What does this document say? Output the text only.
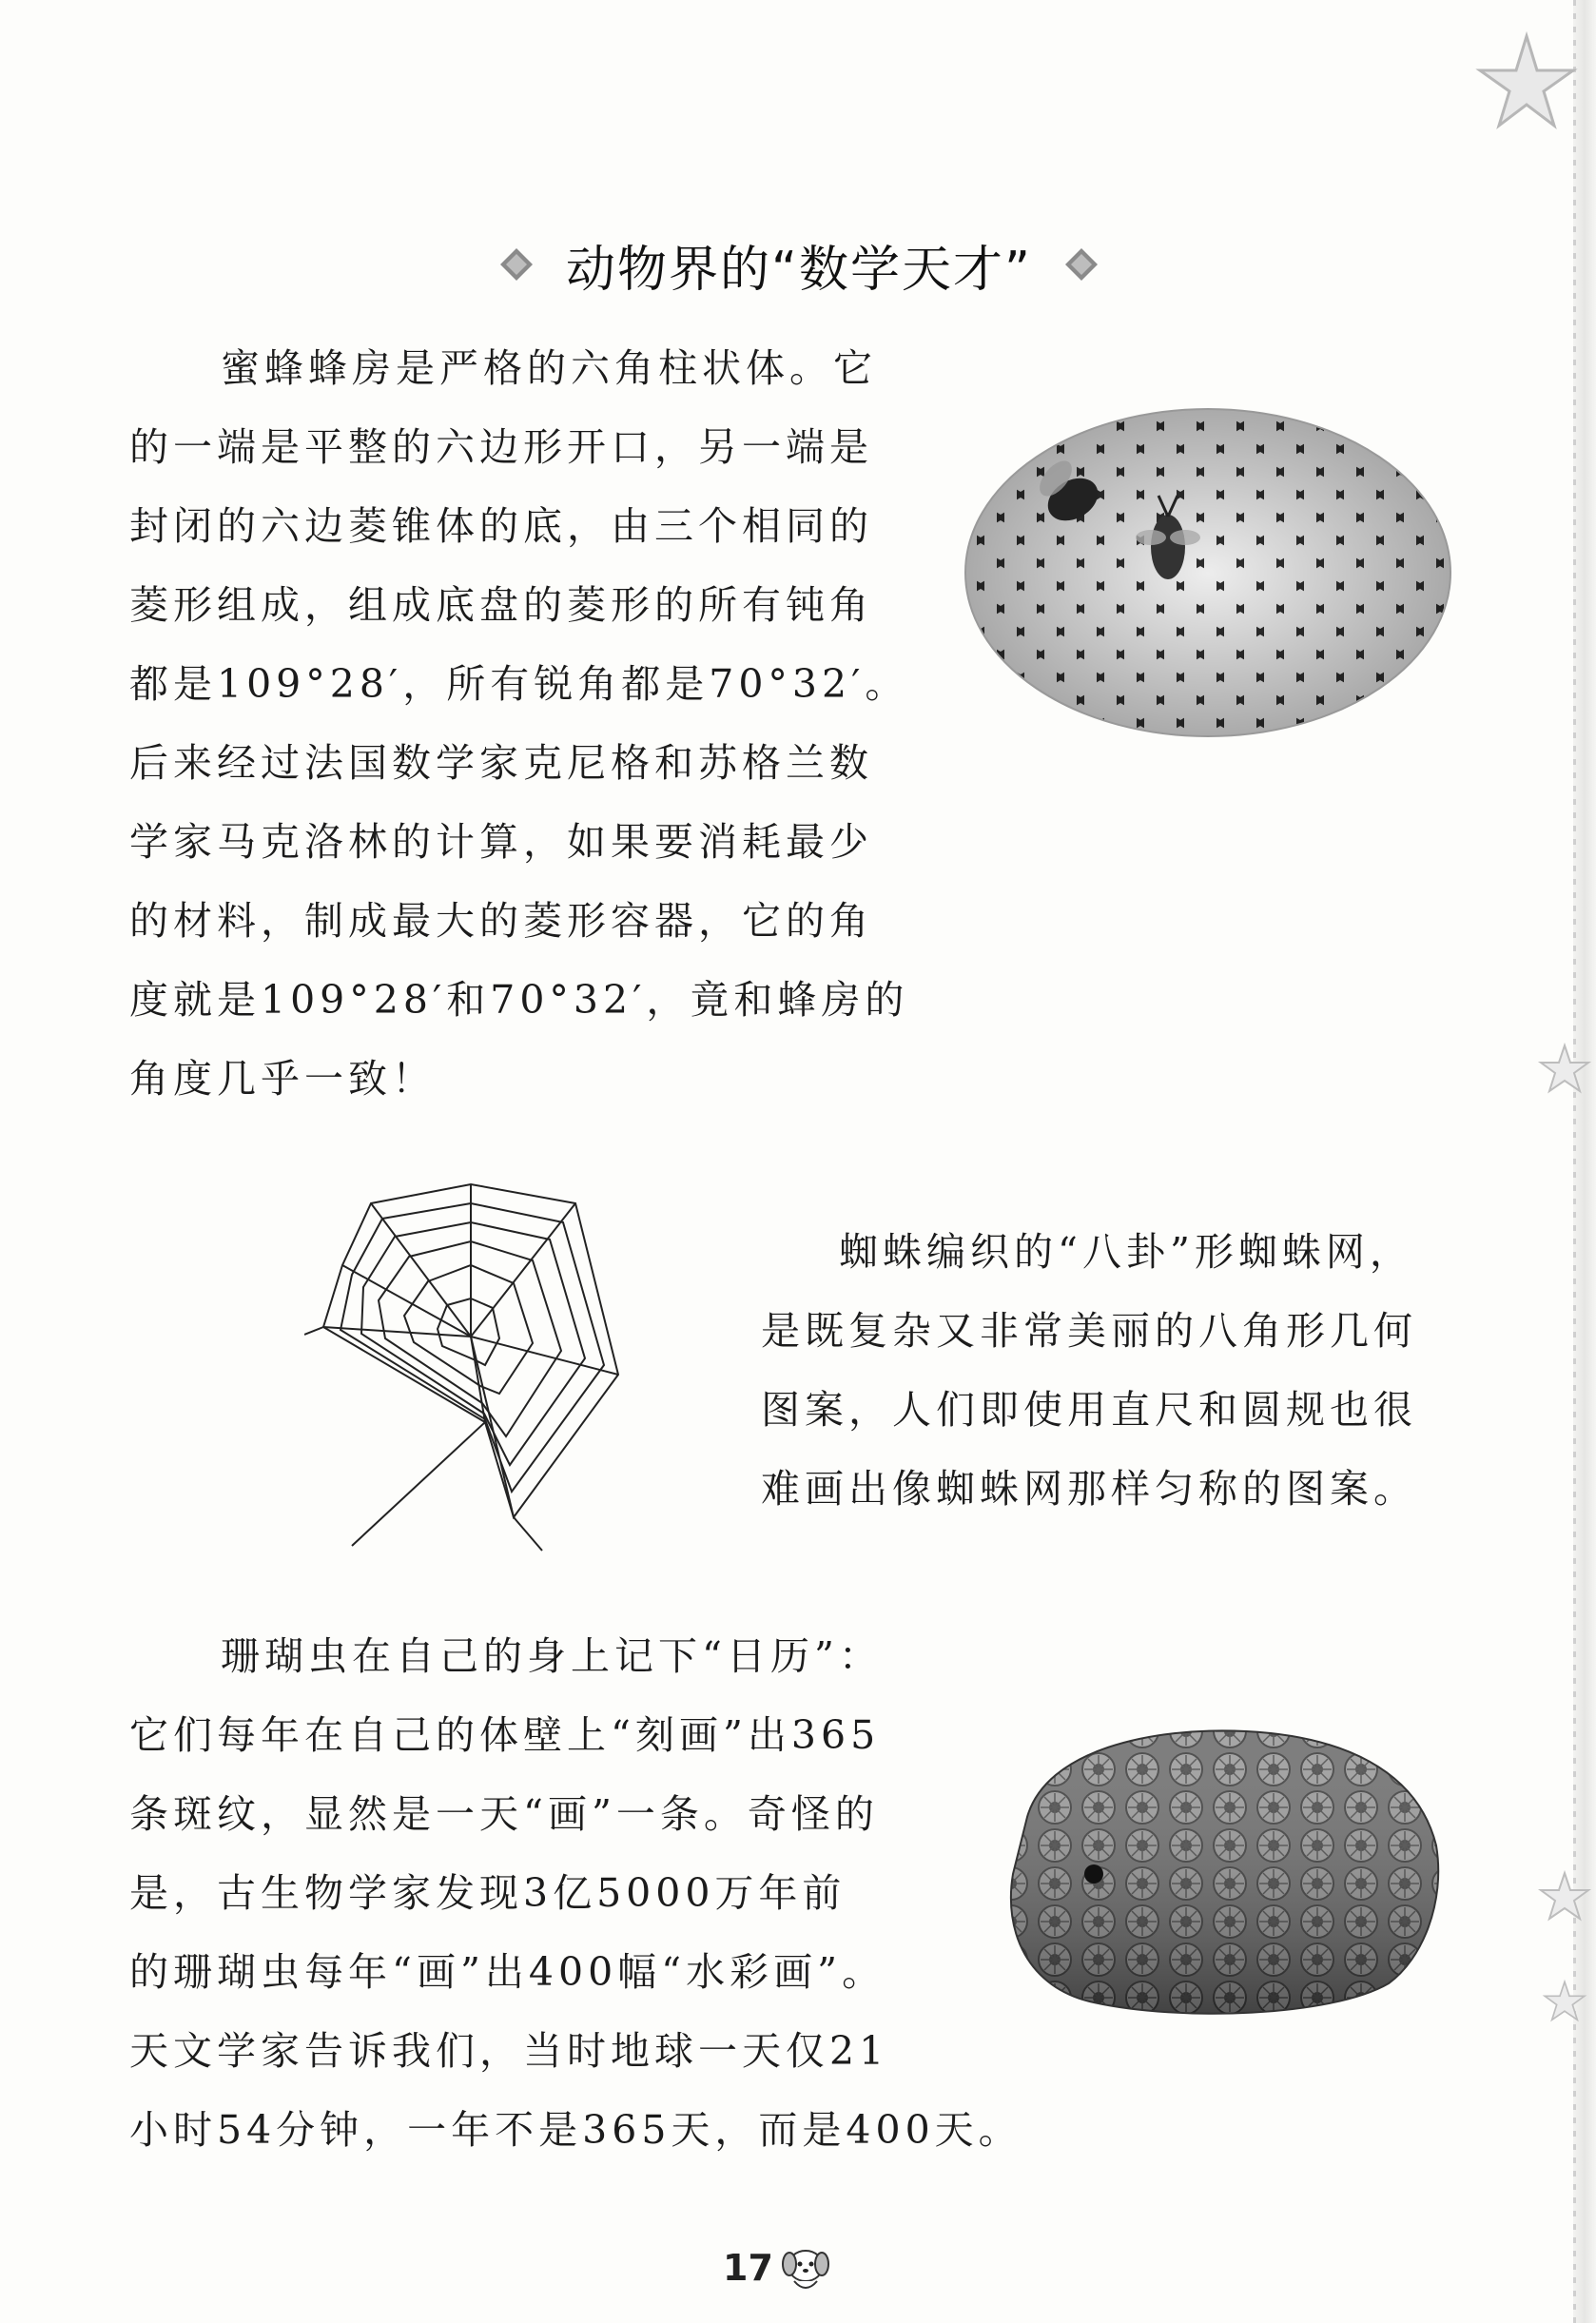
动物界的“数学天才”
蜜蜂蜂房是严格的六角柱状体。它
的一端是平整的六边形开口，另一端是
封闭的六边菱锥体的底，由三个相同的
菱形组成，组成底盘的菱形的所有钝角
都是109°28′，所有锐角都是70°32′。
后来经过法国数学家克尼格和苏格兰数
学家马克洛林的计算，如果要消耗最少
的材料，制成最大的菱形容器，它的角
度就是109°28′和70°32′，竟和蜂房的
角度几乎一致！
蜘蛛编织的“八卦”形蜘蛛网，
是既复杂又非常美丽的八角形几何
图案，人们即使用直尺和圆规也很
难画出像蜘蛛网那样匀称的图案。
珊瑚虫在自己的身上记下“日历”：
它们每年在自己的体壁上“刻画”出365
条斑纹，显然是一天“画”一条。奇怪的
是，古生物学家发现3亿5000万年前
的珊瑚虫每年“画”出400幅“水彩画”。
天文学家告诉我们，当时地球一天仅21
小时54分钟，一年不是365天，而是400天。
17
